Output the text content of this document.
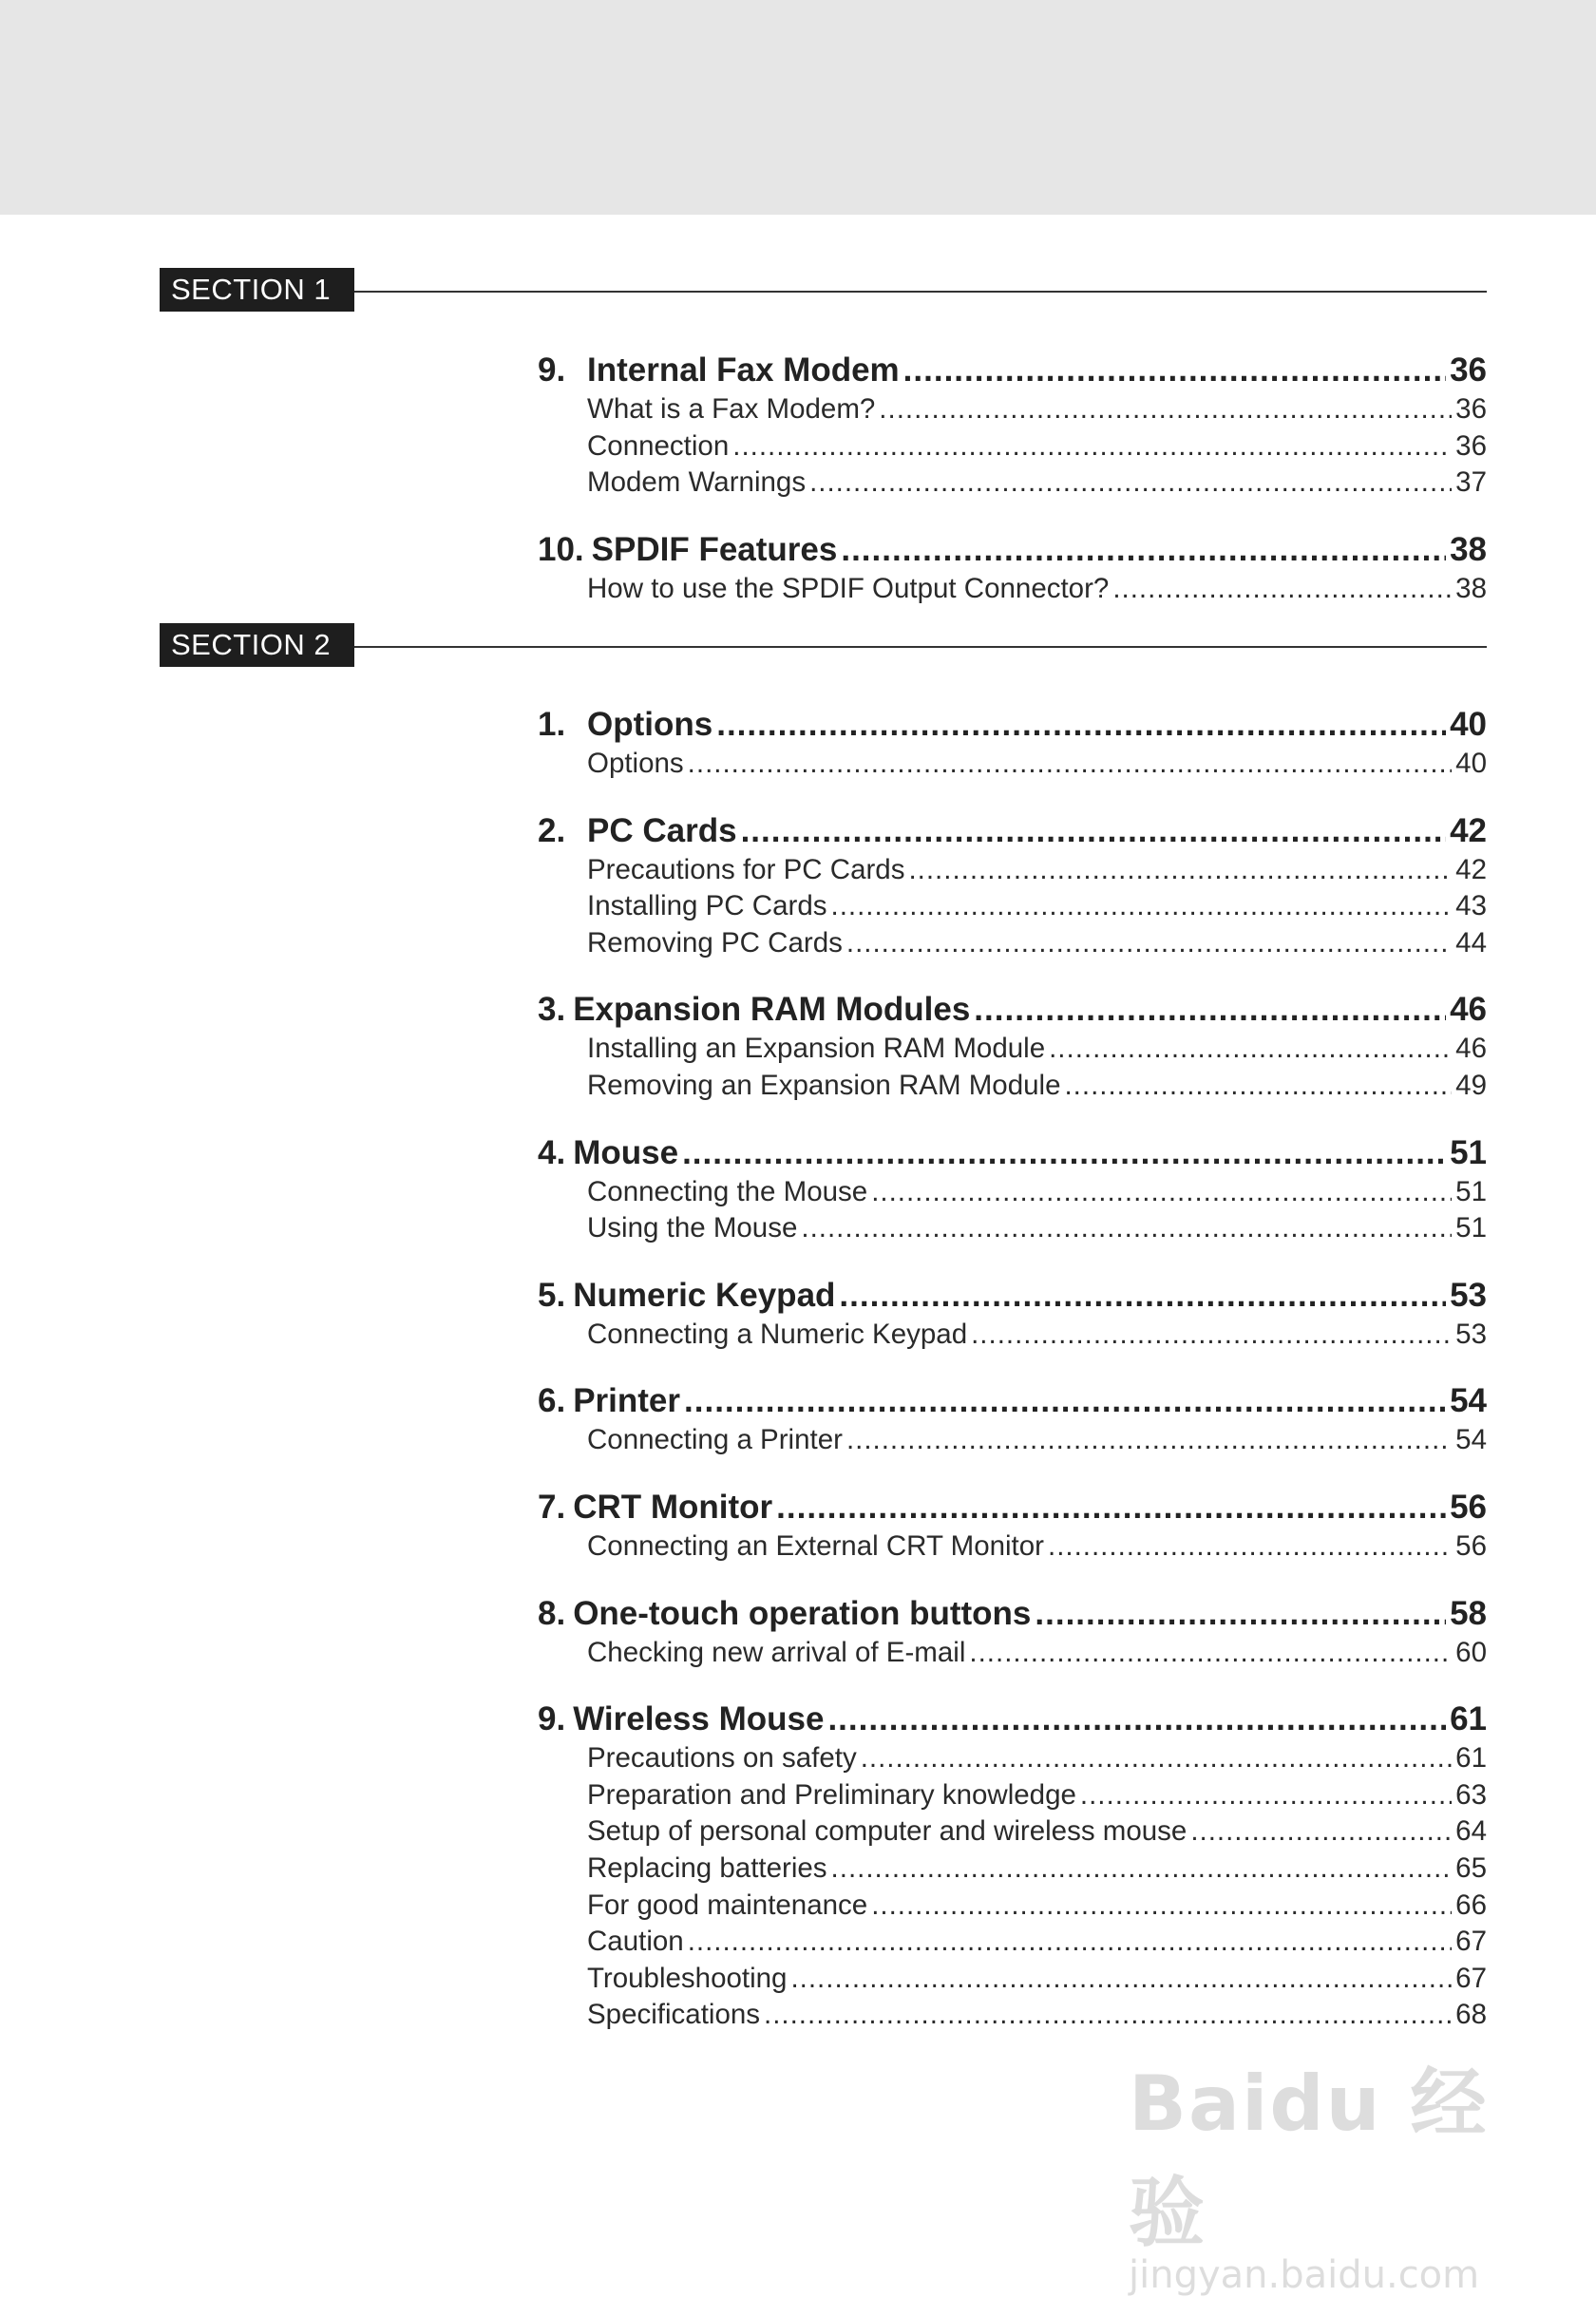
SECTION 1
9. Internal Fax Modem .....	36
What is a Fax Modem? .....	36
Connection .....	36
Modem Warnings .....	37
10. SPDIF Features .....	38
How to use the SPDIF Output Connector? .....	38
SECTION 2
1. Options .....	40
Options .....	40
2. PC Cards .....	42
Precautions for PC Cards .....	42
Installing PC Cards .....	43
Removing PC Cards .....	44
3. Expansion RAM Modules .....	46
Installing an Expansion RAM Module .....	46
Removing an Expansion RAM Module .....	49
4. Mouse .....	51
Connecting the Mouse .....	51
Using the Mouse .....	51
5. Numeric Keypad .....	53
Connecting a Numeric Keypad .....	53
6. Printer .....	54
Connecting a Printer .....	54
7. CRT Monitor .....	56
Connecting an External CRT Monitor .....	56
8. One-touch operation buttons .....	58
Checking new arrival of E-mail .....	60
9. Wireless Mouse .....	61
Precautions on safety .....	61
Preparation and Preliminary knowledge .....	63
Setup of personal computer and wireless mouse .....	64
Replacing batteries .....	65
For good maintenance .....	66
Caution .....	67
Troubleshooting .....	67
Specifications .....	68
Baidu 经验
jingyan.baidu.com
